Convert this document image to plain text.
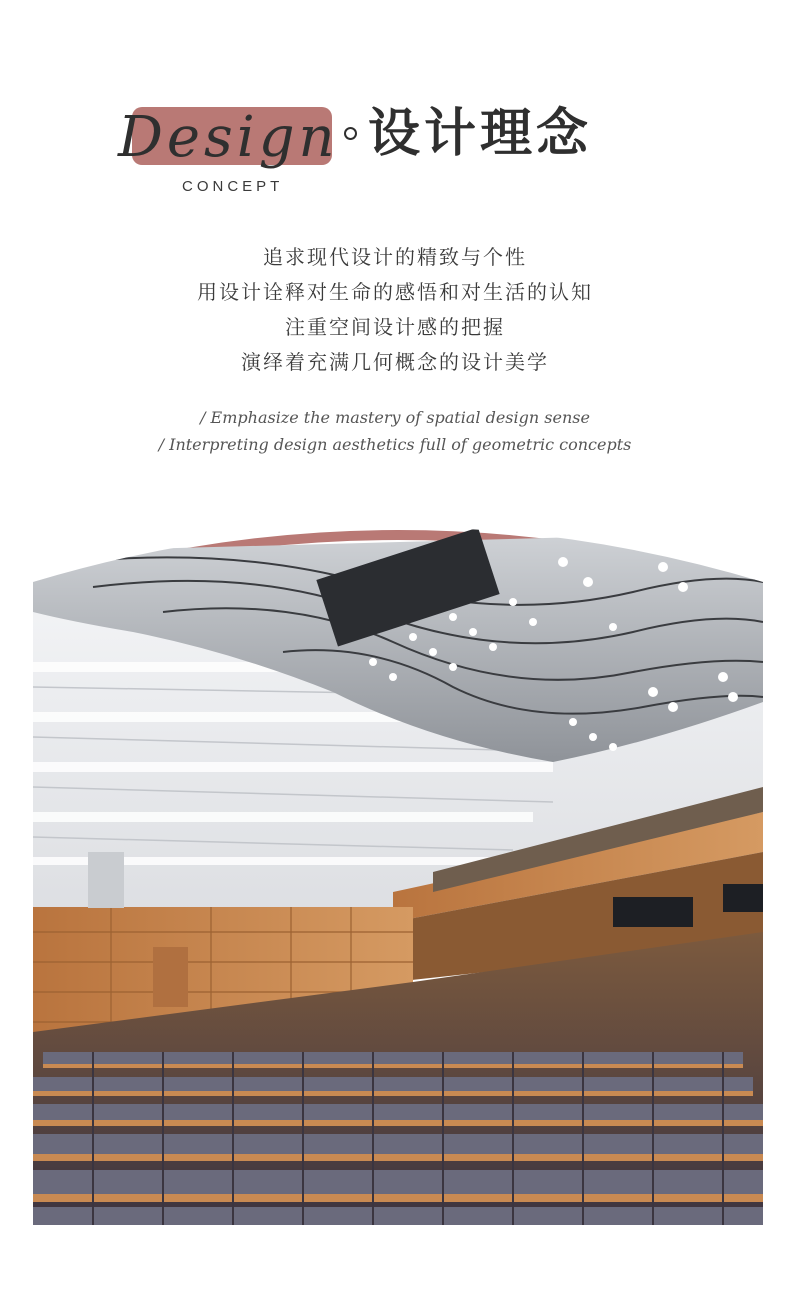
Design 设计理念
CONCEPT
追求现代设计的精致与个性
用设计诠释对生命的感悟和对生活的认知
注重空间设计感的把握
演绎着充满几何概念的设计美学
/ Emphasize the mastery of spatial design sense
/ Interpreting design aesthetics full of geometric concepts
